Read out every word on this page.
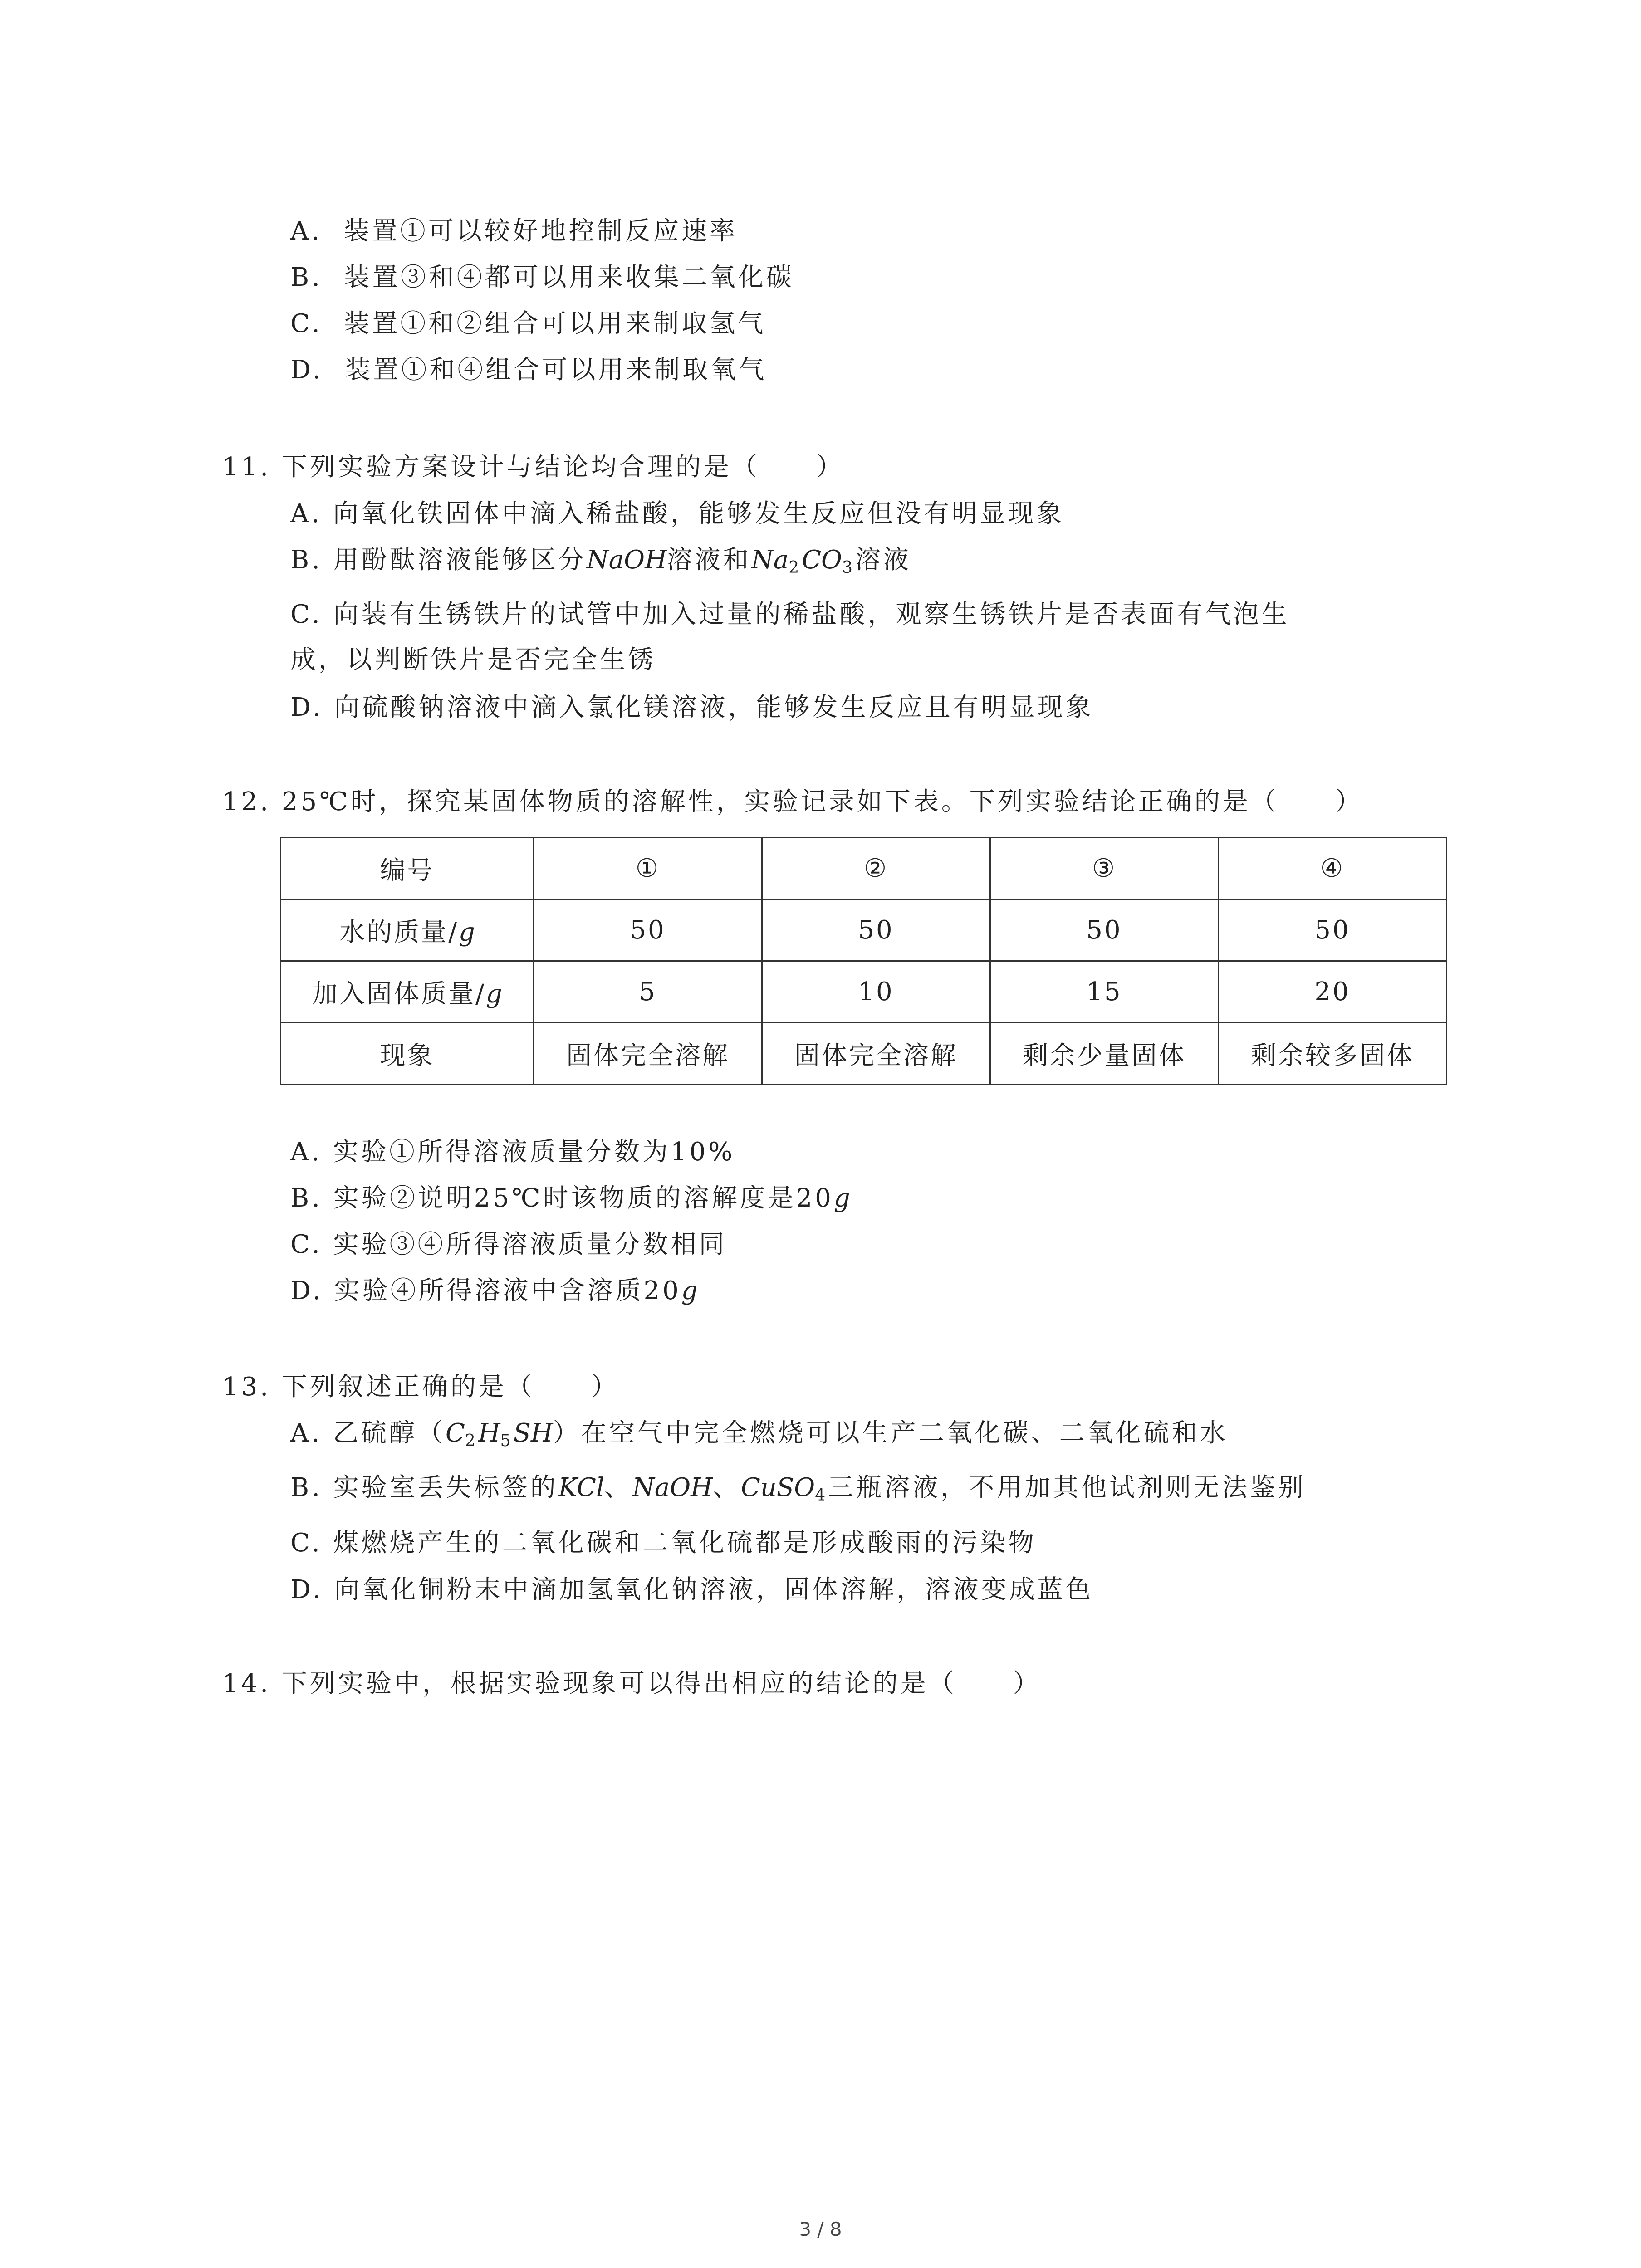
A. 装置①可以较好地控制反应速率
B. 装置③和④都可以用来收集二氧化碳
C. 装置①和②组合可以用来制取氢气
D. 装置①和④组合可以用来制取氧气
11. 下列实验方案设计与结论均合理的是（　　）
A. 向氧化铁固体中滴入稀盐酸，能够发生反应但没有明显现象
B. 用酚酞溶液能够区分NaOH溶液和$Na_2CO_3$溶液
C. 向装有生锈铁片的试管中加入过量的稀盐酸，观察生锈铁片是否表面有气泡生
成，以判断铁片是否完全生锈
D. 向硫酸钠溶液中滴入氯化镁溶液，能够发生反应且有明显现象
12. 25℃时，探究某固体物质的溶解性，实验记录如下表。下列实验结论正确的是（　　）
编号	①	②	③	④
水的质量/g	50	50	50	50
加入固体质量/g	5	10	15	20
现象	固体完全溶解	固体完全溶解	剩余少量固体	剩余较多固体
A. 实验①所得溶液质量分数为10%
B. 实验②说明25℃时该物质的溶解度是20g
C. 实验③④所得溶液质量分数相同
D. 实验④所得溶液中含溶质20g
13. 下列叙述正确的是（　　）
A. 乙硫醇$(C_2H_5SH)$在空气中完全燃烧可以生产二氧化碳、二氧化硫和水
B. 实验室丢失标签的KCl、NaOH、CuSO$_4$三瓶溶液，不用加其他试剂则无法鉴别
C. 煤燃烧产生的二氧化碳和二氧化硫都是形成酸雨的污染物
D. 向氧化铜粉末中滴加氢氧化钠溶液，固体溶解，溶液变成蓝色
14. 下列实验中，根据实验现象可以得出相应的结论的是（　　）
3 / 8
